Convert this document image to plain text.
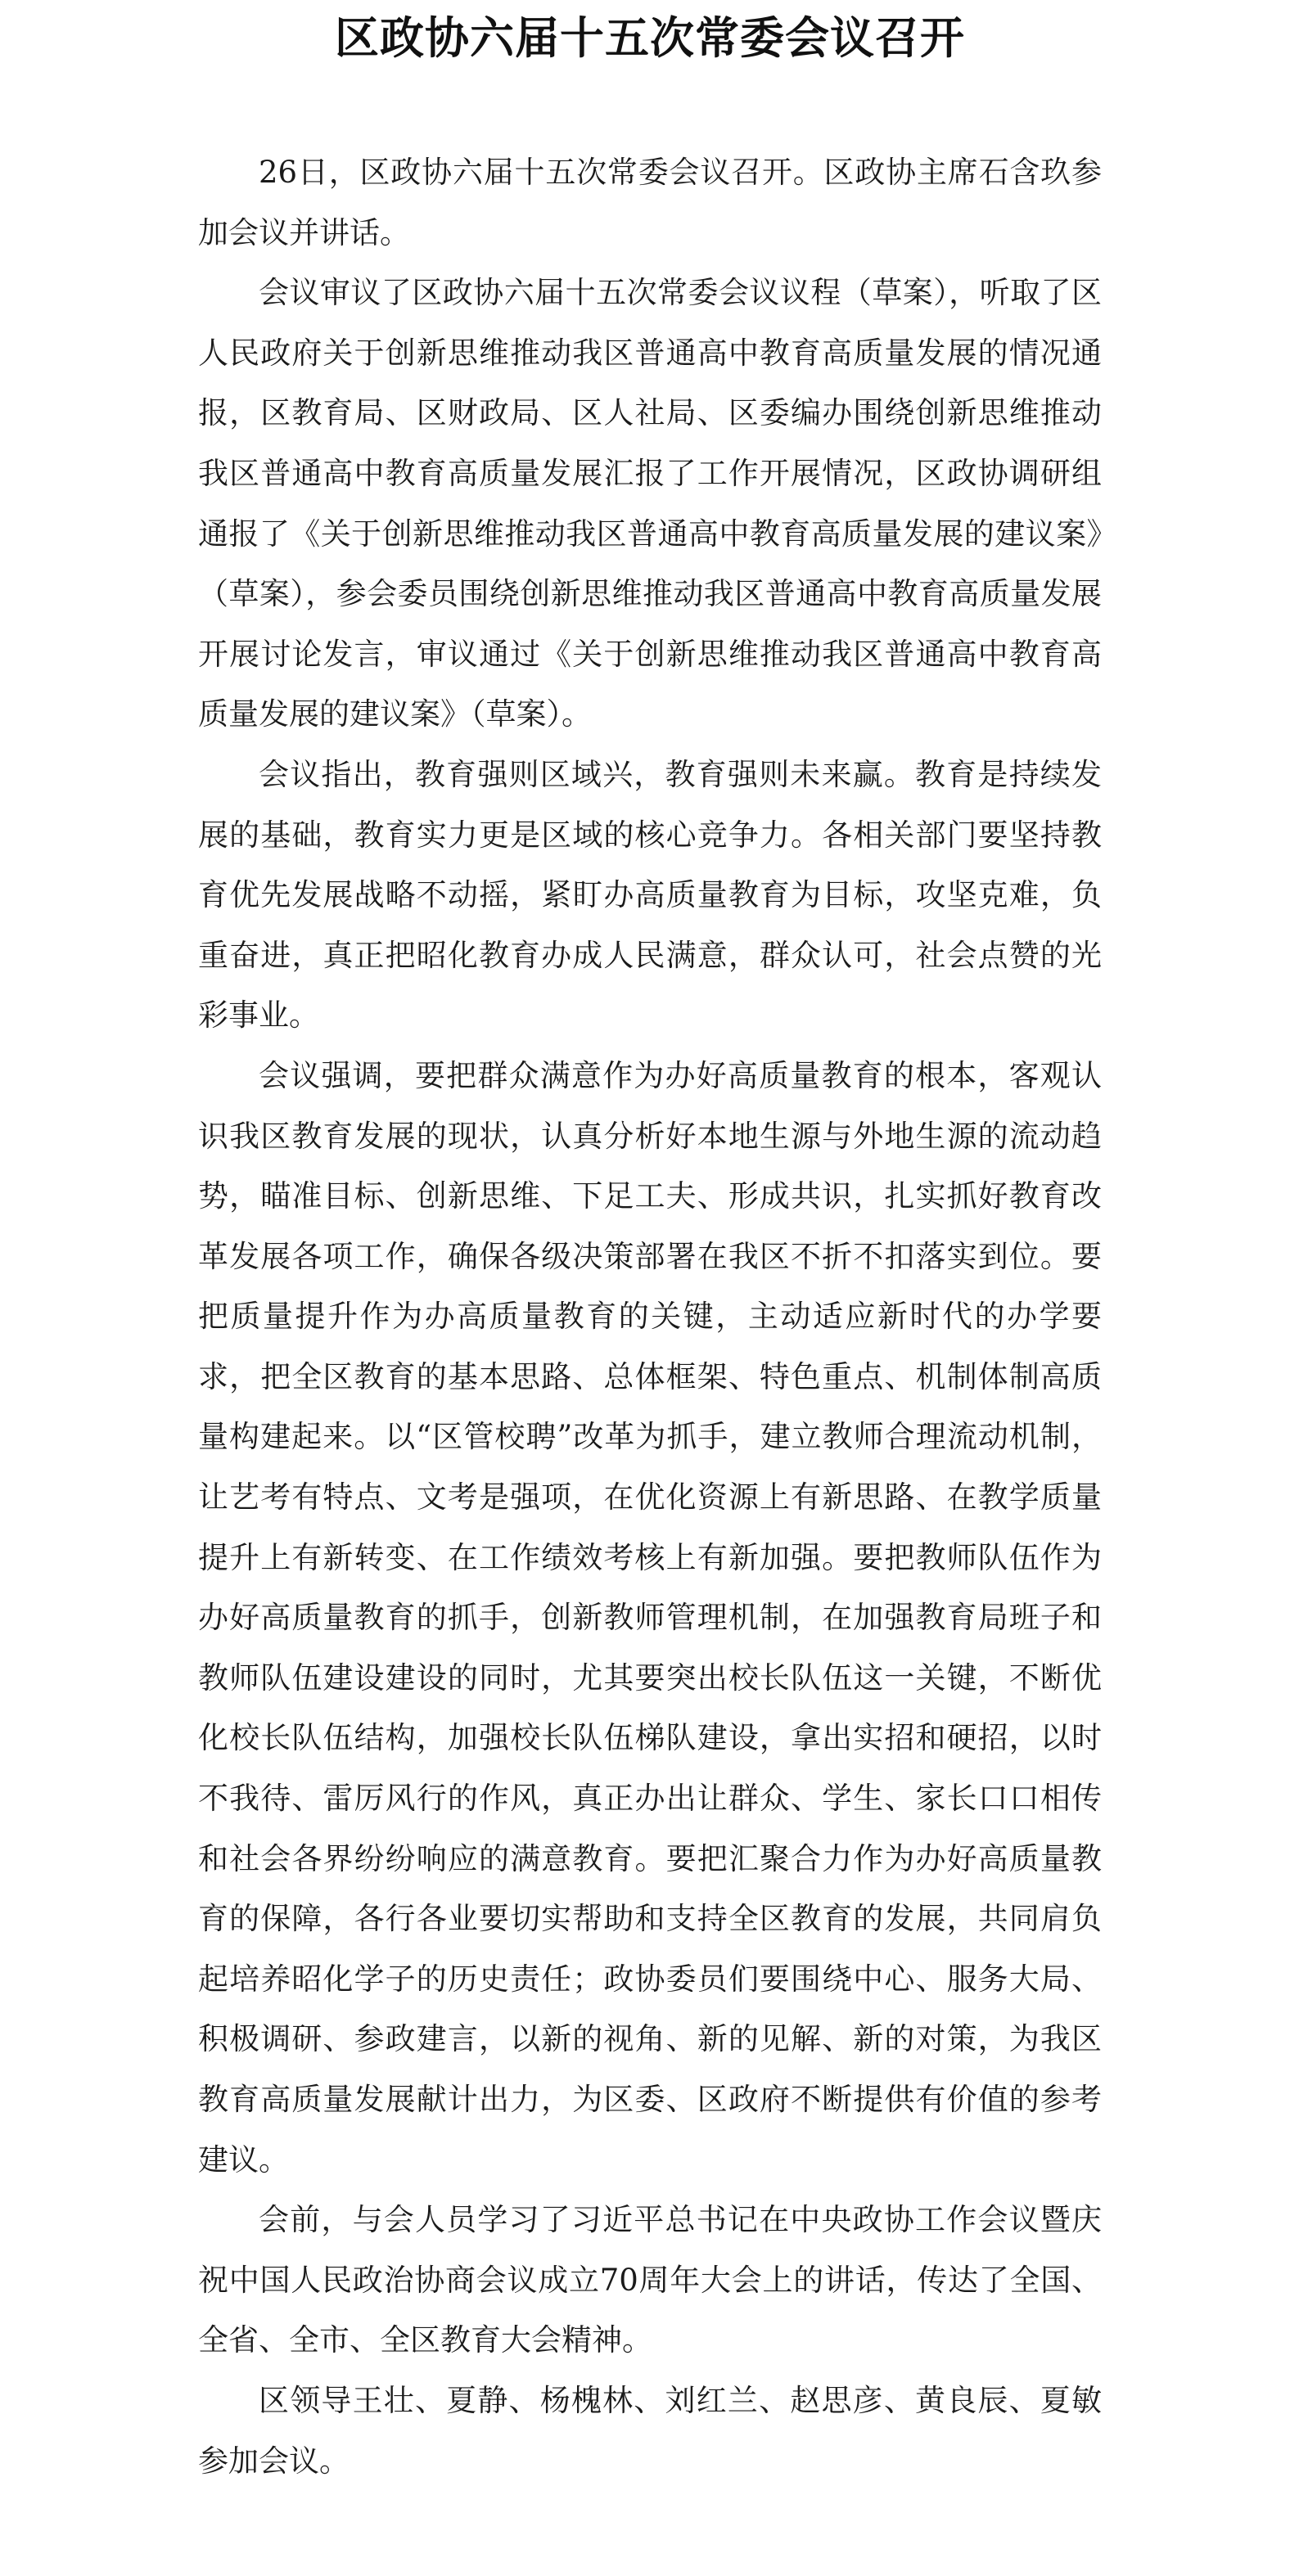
区政协六届十五次常委会议召开

26日，区政协六届十五次常委会议召开。区政协主席石含玖参加会议并讲话。

会议审议了区政协六届十五次常委会议议程（草案），听取了区人民政府关于创新思维推动我区普通高中教育高质量发展的情况通报，区教育局、区财政局、区人社局、区委编办围绕创新思维推动我区普通高中教育高质量发展汇报了工作开展情况，区政协调研组通报了《关于创新思维推动我区普通高中教育高质量发展的建议案》（草案），参会委员围绕创新思维推动我区普通高中教育高质量发展开展讨论发言，审议通过《关于创新思维推动我区普通高中教育高质量发展的建议案》（草案）。

会议指出，教育强则区域兴，教育强则未来赢。教育是持续发展的基础，教育实力更是区域的核心竞争力。各相关部门要坚持教育优先发展战略不动摇，紧盯办高质量教育为目标，攻坚克难，负重奋进，真正把昭化教育办成人民满意，群众认可，社会点赞的光彩事业。

会议强调，要把群众满意作为办好高质量教育的根本，客观认识我区教育发展的现状，认真分析好本地生源与外地生源的流动趋势，瞄准目标、创新思维、下足工夫、形成共识，扎实抓好教育改革发展各项工作，确保各级决策部署在我区不折不扣落实到位。要把质量提升作为办高质量教育的关键，主动适应新时代的办学要求，把全区教育的基本思路、总体框架、特色重点、机制体制高质量构建起来。以“区管校聘”改革为抓手，建立教师合理流动机制，让艺考有特点、文考是强项，在优化资源上有新思路、在教学质量提升上有新转变、在工作绩效考核上有新加强。要把教师队伍作为办好高质量教育的抓手，创新教师管理机制，在加强教育局班子和教师队伍建设建设的同时，尤其要突出校长队伍这一关键，不断优化校长队伍结构，加强校长队伍梯队建设，拿出实招和硬招，以时不我待、雷厉风行的作风，真正办出让群众、学生、家长口口相传和社会各界纷纷响应的满意教育。要把汇聚合力作为办好高质量教育的保障，各行各业要切实帮助和支持全区教育的发展，共同肩负起培养昭化学子的历史责任；政协委员们要围绕中心、服务大局、积极调研、参政建言，以新的视角、新的见解、新的对策，为我区教育高质量发展献计出力，为区委、区政府不断提供有价值的参考建议。

会前，与会人员学习了习近平总书记在中央政协工作会议暨庆祝中国人民政治协商会议成立70周年大会上的讲话，传达了全国、全省、全市、全区教育大会精神。

区领导王壮、夏静、杨槐林、刘红兰、赵思彦、黄良辰、夏敏参加会议。
